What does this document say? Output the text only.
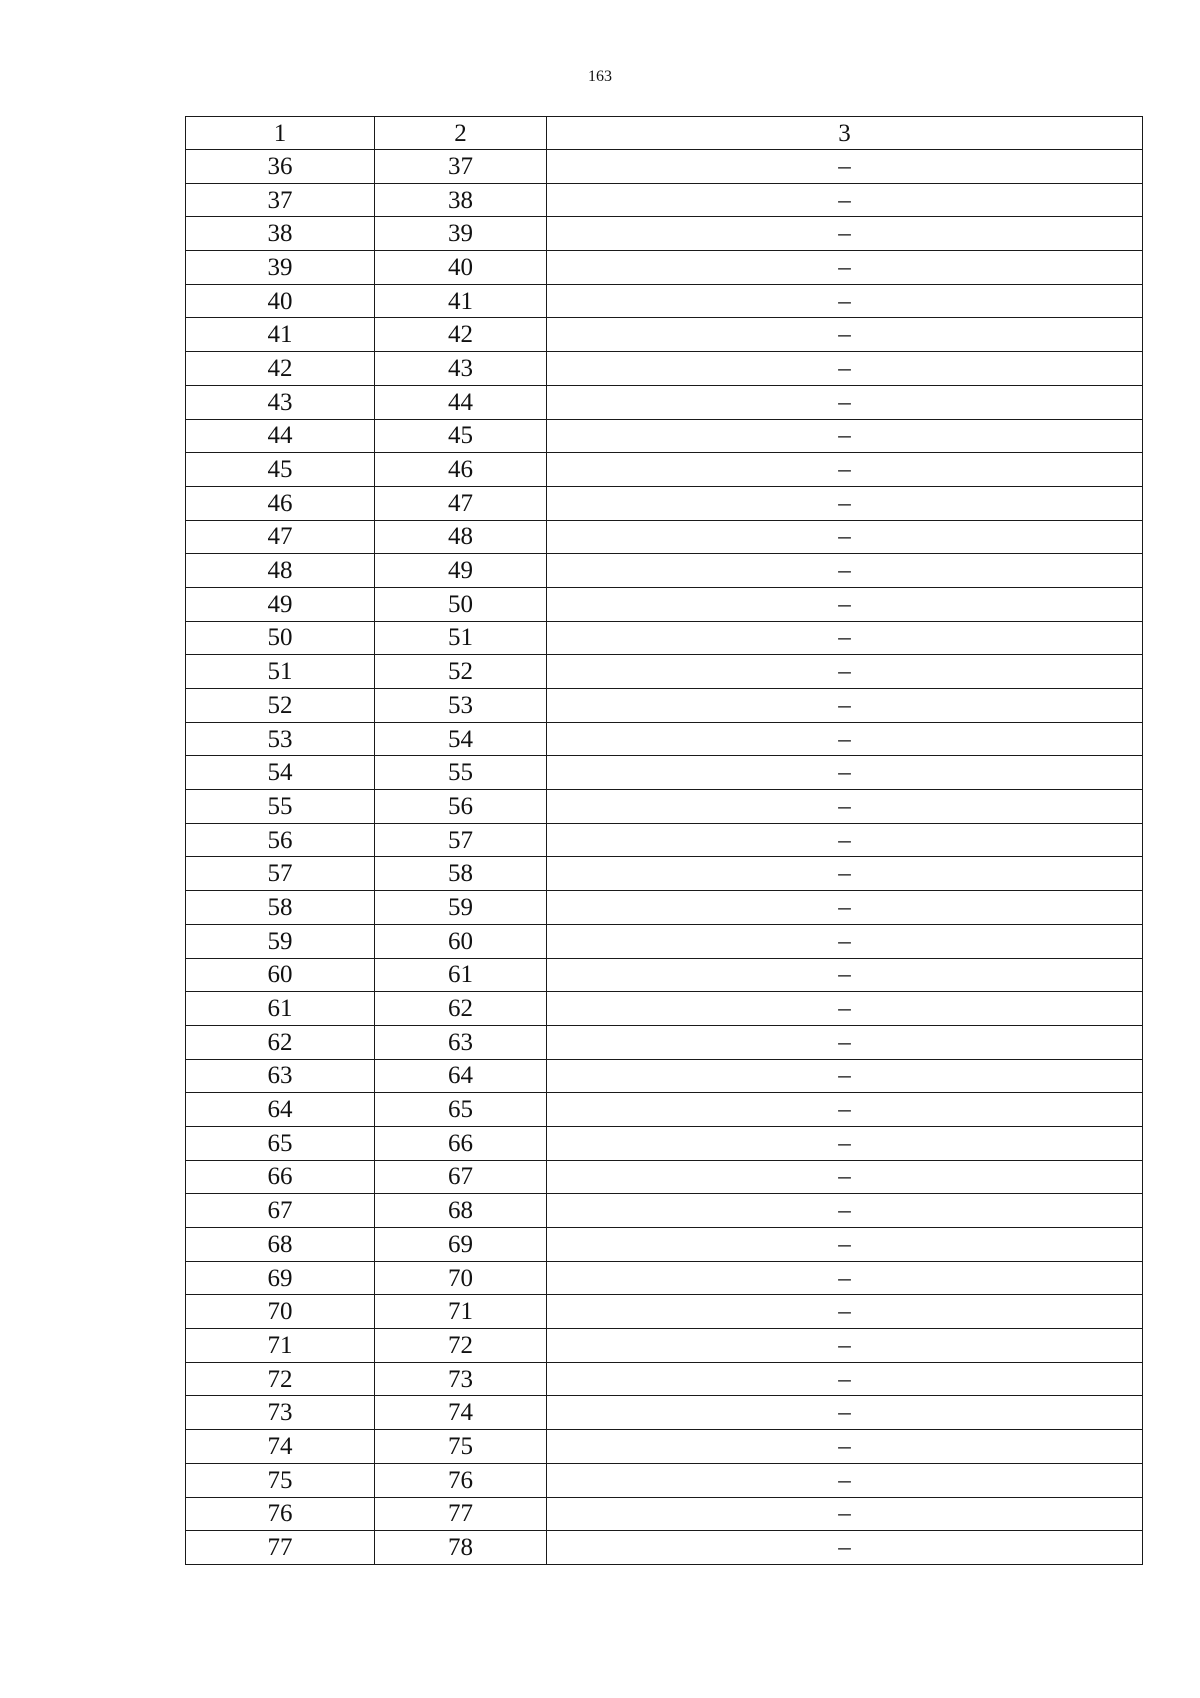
163
1	2	3
36	37	–
37	38	–
38	39	–
39	40	–
40	41	–
41	42	–
42	43	–
43	44	–
44	45	–
45	46	–
46	47	–
47	48	–
48	49	–
49	50	–
50	51	–
51	52	–
52	53	–
53	54	–
54	55	–
55	56	–
56	57	–
57	58	–
58	59	–
59	60	–
60	61	–
61	62	–
62	63	–
63	64	–
64	65	–
65	66	–
66	67	–
67	68	–
68	69	–
69	70	–
70	71	–
71	72	–
72	73	–
73	74	–
74	75	–
75	76	–
76	77	–
77	78	–
